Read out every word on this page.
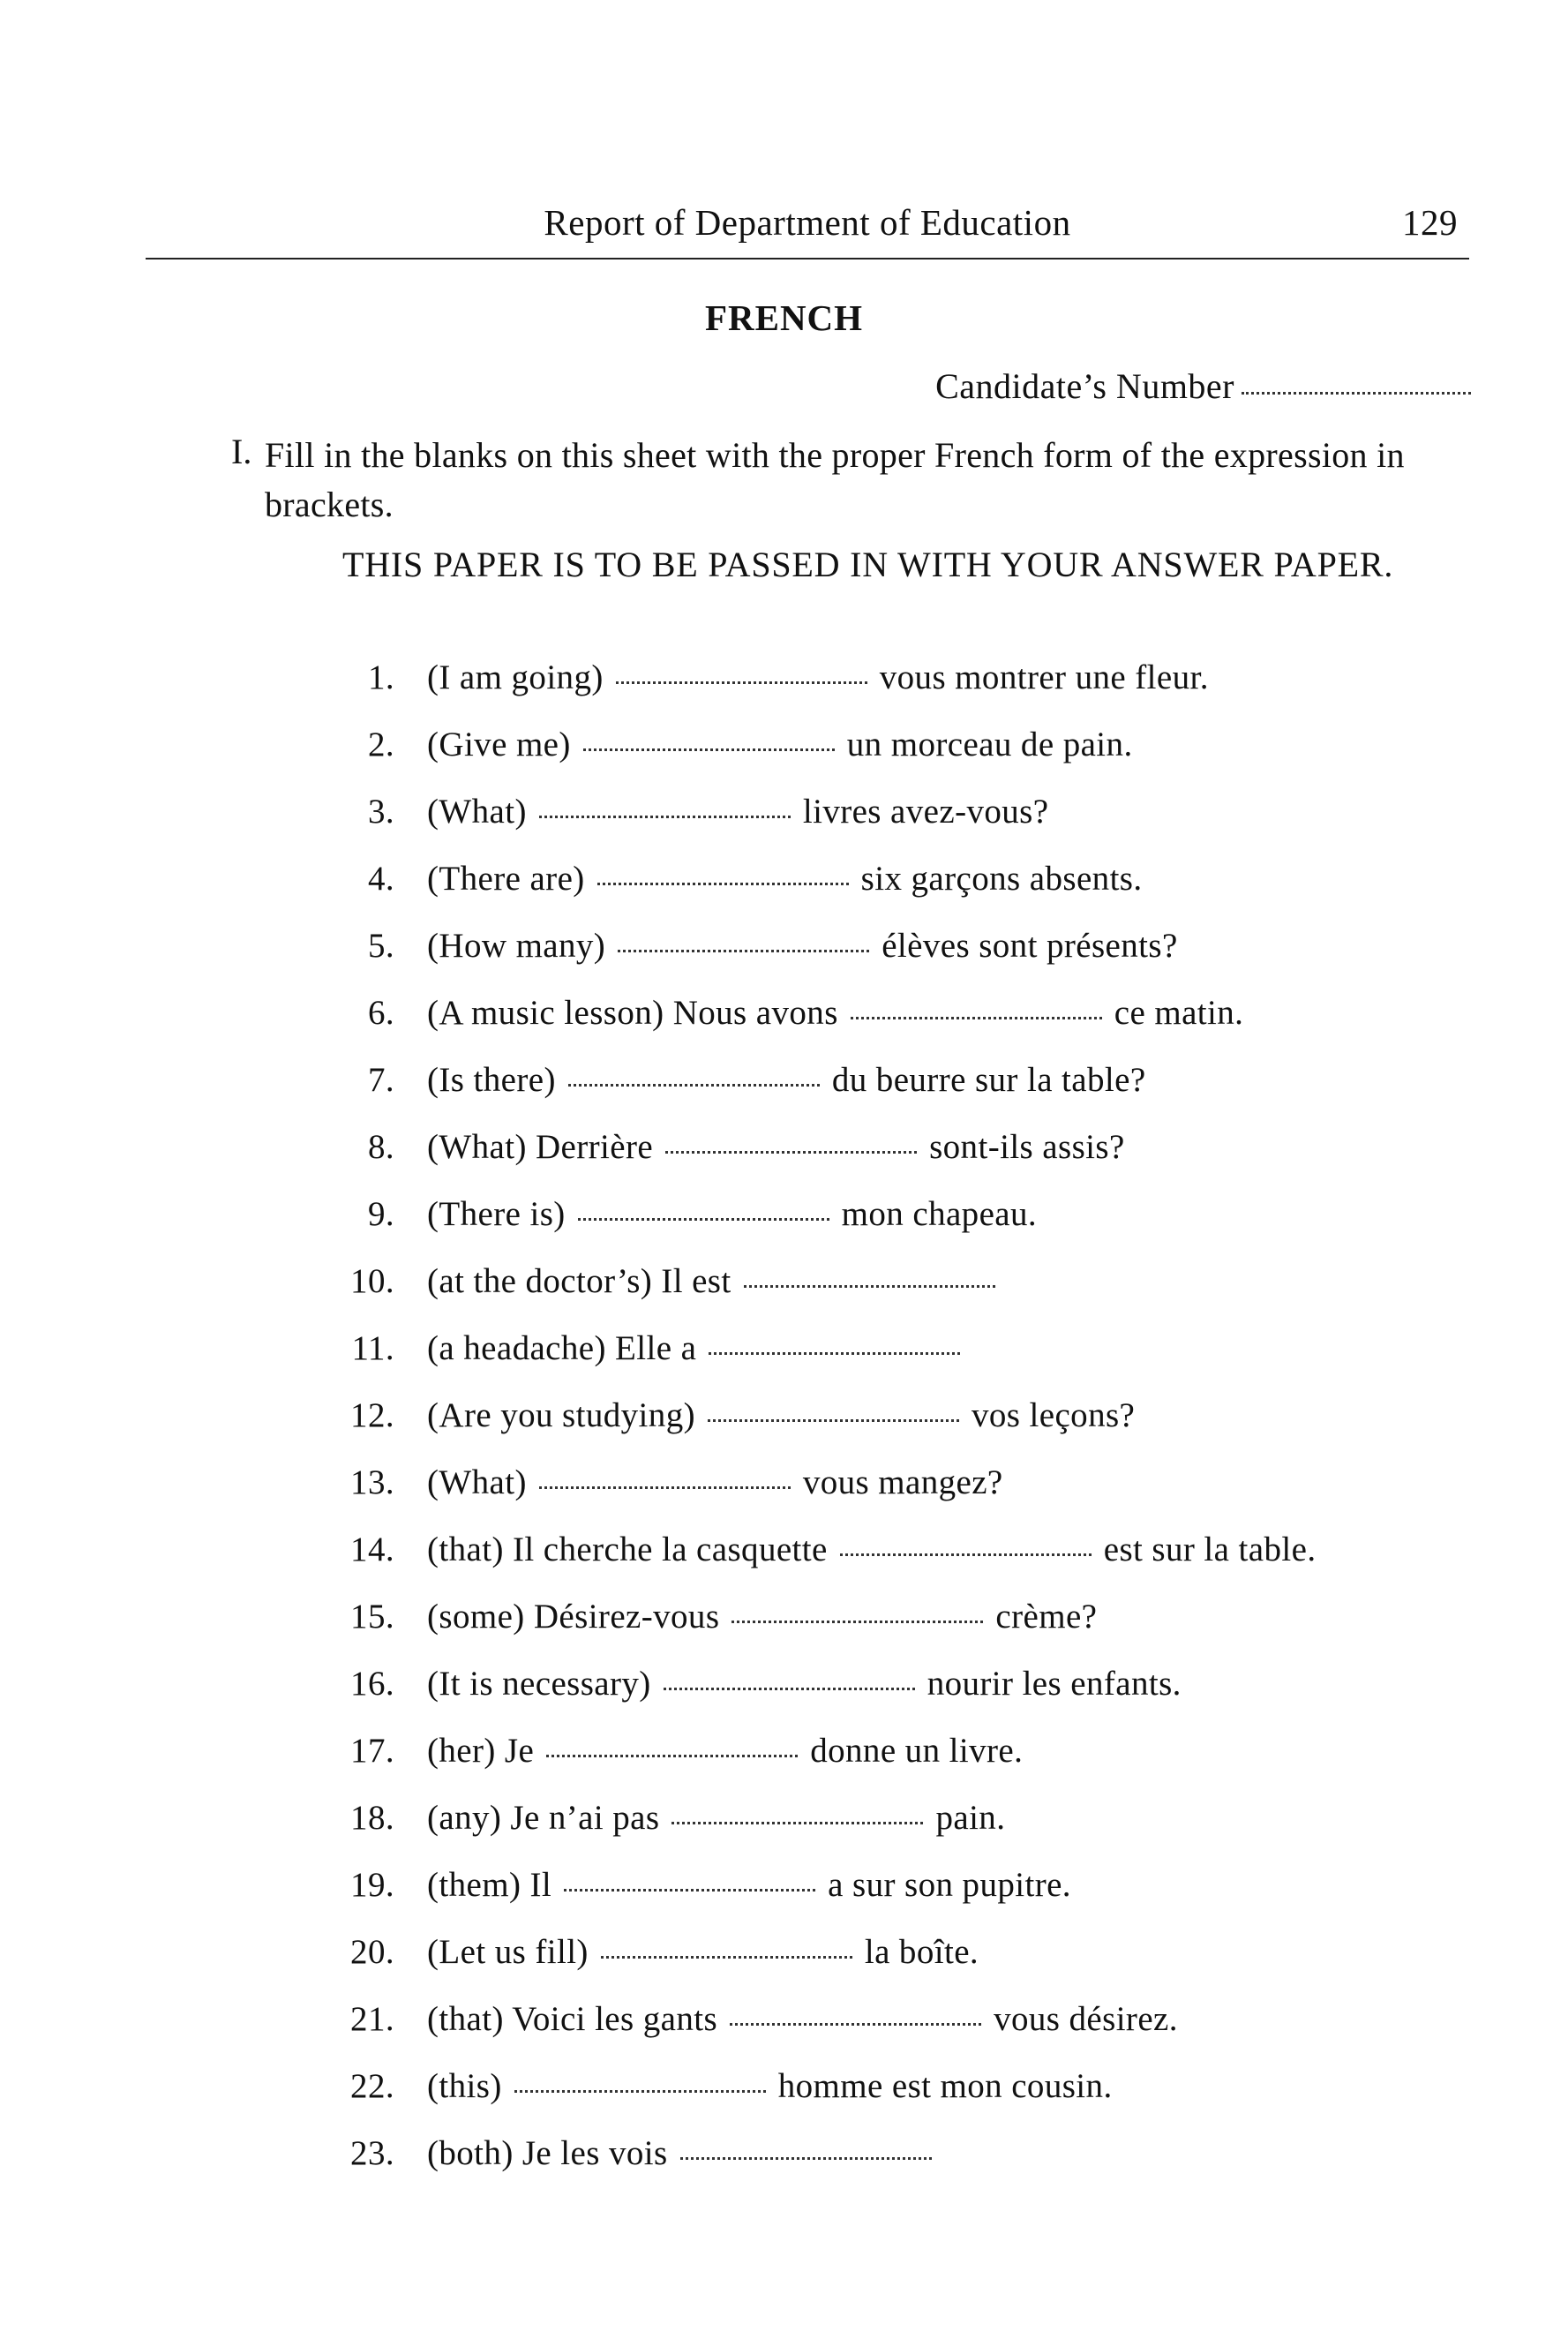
Report of Department of Education	129
FRENCH
Candidate’s Number
I. Fill in the blanks on this sheet with the proper French form of the expression in brackets.
THIS PAPER IS TO BE PASSED IN WITH YOUR ANSWER PAPER.
1. (I am going)	vous montrer une fleur.
2. (Give me)	un morceau de pain.
3. (What)	livres avez-vous?
4. (There are)	six garçons absents.
5. (How many)	élèves sont présents?
6. (A music lesson) Nous avons	ce matin.
7. (Is there)	du beurre sur la table?
8. (What) Derrière	sont-ils assis?
9. (There is)	mon chapeau.
10. (at the doctor’s) Il est
11. (a headache) Elle a
12. (Are you studying)	vos leçons?
13. (What)	vous mangez?
14. (that) Il cherche la casquette	est sur la table.
15. (some) Désirez-vous	crème?
16. (It is necessary)	nourir les enfants.
17. (her) Je	donne un livre.
18. (any) Je n’ai pas	pain.
19. (them) Il	a sur son pupitre.
20. (Let us fill)	la boîte.
21. (that) Voici les gants	vous désirez.
22. (this)	homme est mon cousin.
23. (both) Je les vois
